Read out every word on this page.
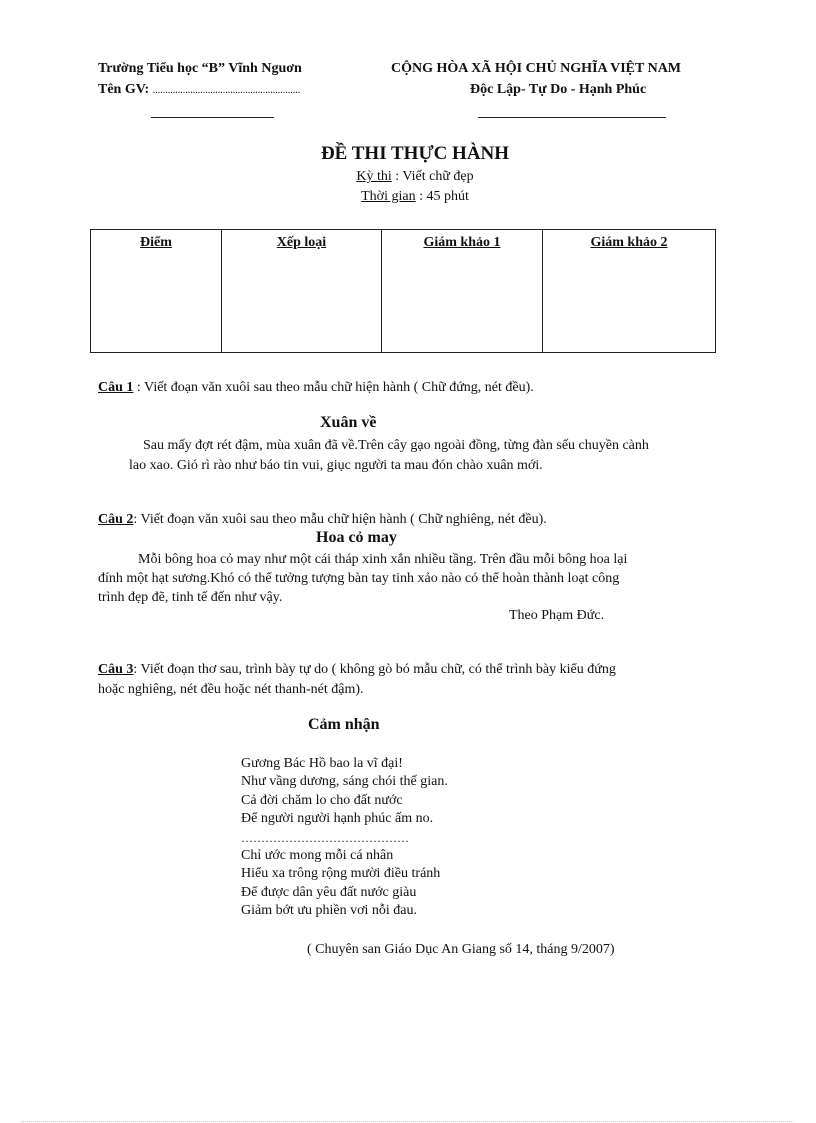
Trường Tiểu học “B” Vĩnh Nguơn
Tên GV: ...........................................................
CỘNG HÒA XÃ HỘI CHỦ NGHĨA VIỆT NAM
Độc Lập- Tự Do - Hạnh Phúc
ĐỀ THI THỰC HÀNH
Kỳ thi : Viết chữ đẹp
Thời gian : 45 phút
Điểm	Xếp loại	Giám khảo 1	Giám khảo 2
Câu 1 : Viết đoạn văn xuôi sau theo mẫu chữ hiện hành ( Chữ đứng, nét đều).
Xuân về
Sau mấy đợt rét đậm, mùa xuân đã về.Trên cây gạo ngoài đồng, từng đàn sếu chuyền cành
lao xao. Gió rì rào như báo tin vui, giục người ta mau đón chào xuân mới.
Câu 2: Viết đoạn văn xuôi sau theo mẫu chữ hiện hành ( Chữ nghiêng, nét đều).
Hoa cỏ may
Mỗi bông hoa cỏ may như một cái tháp xinh xắn nhiều tầng. Trên đầu mỗi bông hoa lại
đính một hạt sương.Khó có thể tưởng tượng bàn tay tinh xảo nào có thể hoàn thành loạt công
trình đẹp đẽ, tinh tế đến như vậy.
Theo Phạm Đức.
Câu 3: Viết đoạn thơ sau, trình bày tự do ( không gò bó mẫu chữ, có thể trình bày kiểu đứng
hoặc nghiêng, nét đều hoặc nét thanh-nét đậm).
Cảm nhận
Gương Bác Hồ bao la vĩ đại!
Như vầng dương, sáng chói thế gian.
Cả đời chăm lo cho đất nước
Để người người hạnh phúc ấm no.
……………………………………
Chỉ ước mong mỗi cá nhân
Hiểu xa trông rộng mười điều tránh
Để được dân yêu đất nước giàu
Giảm bớt ưu phiền vơi nỗi đau.
( Chuyên san Giáo Dục An Giang số 14, tháng 9/2007)
